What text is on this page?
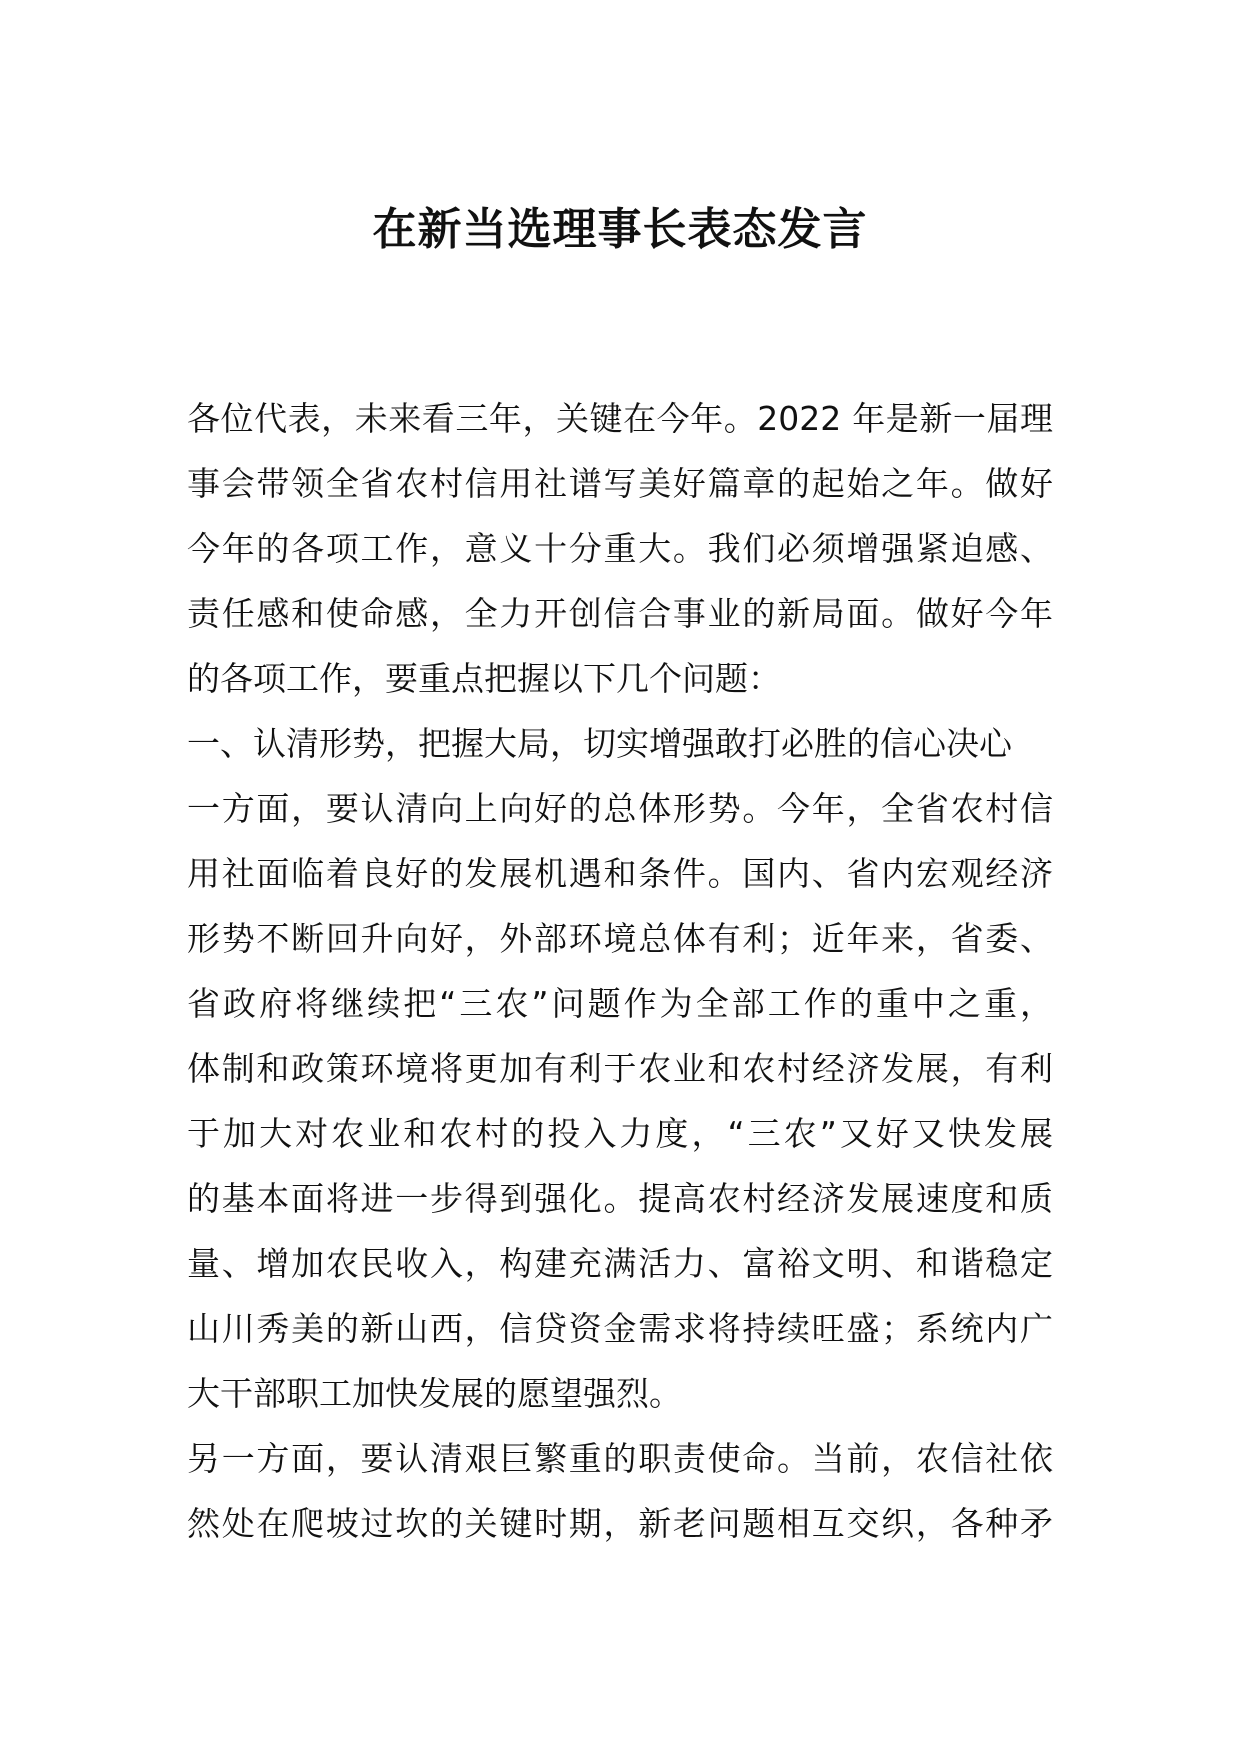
在新当选理事长表态发言
各位代表，未来看三年，关键在今年。2022 年是新一届理
事会带领全省农村信用社谱写美好篇章的起始之年。做好
今年的各项工作，意义十分重大。我们必须增强紧迫感、
责任感和使命感，全力开创信合事业的新局面。做好今年
的各项工作，要重点把握以下几个问题：
一、认清形势，把握大局，切实增强敢打必胜的信心决心
一方面，要认清向上向好的总体形势。今年，全省农村信
用社面临着良好的发展机遇和条件。国内、省内宏观经济
形势不断回升向好，外部环境总体有利；近年来，省委、
省政府将继续把“三农”问题作为全部工作的重中之重，
体制和政策环境将更加有利于农业和农村经济发展，有利
于加大对农业和农村的投入力度，“三农”又好又快发展
的基本面将进一步得到强化。提高农村经济发展速度和质
量、增加农民收入，构建充满活力、富裕文明、和谐稳定
山川秀美的新山西，信贷资金需求将持续旺盛；系统内广
大干部职工加快发展的愿望强烈。
另一方面，要认清艰巨繁重的职责使命。当前，农信社依
然处在爬坡过坎的关键时期，新老问题相互交织，各种矛
